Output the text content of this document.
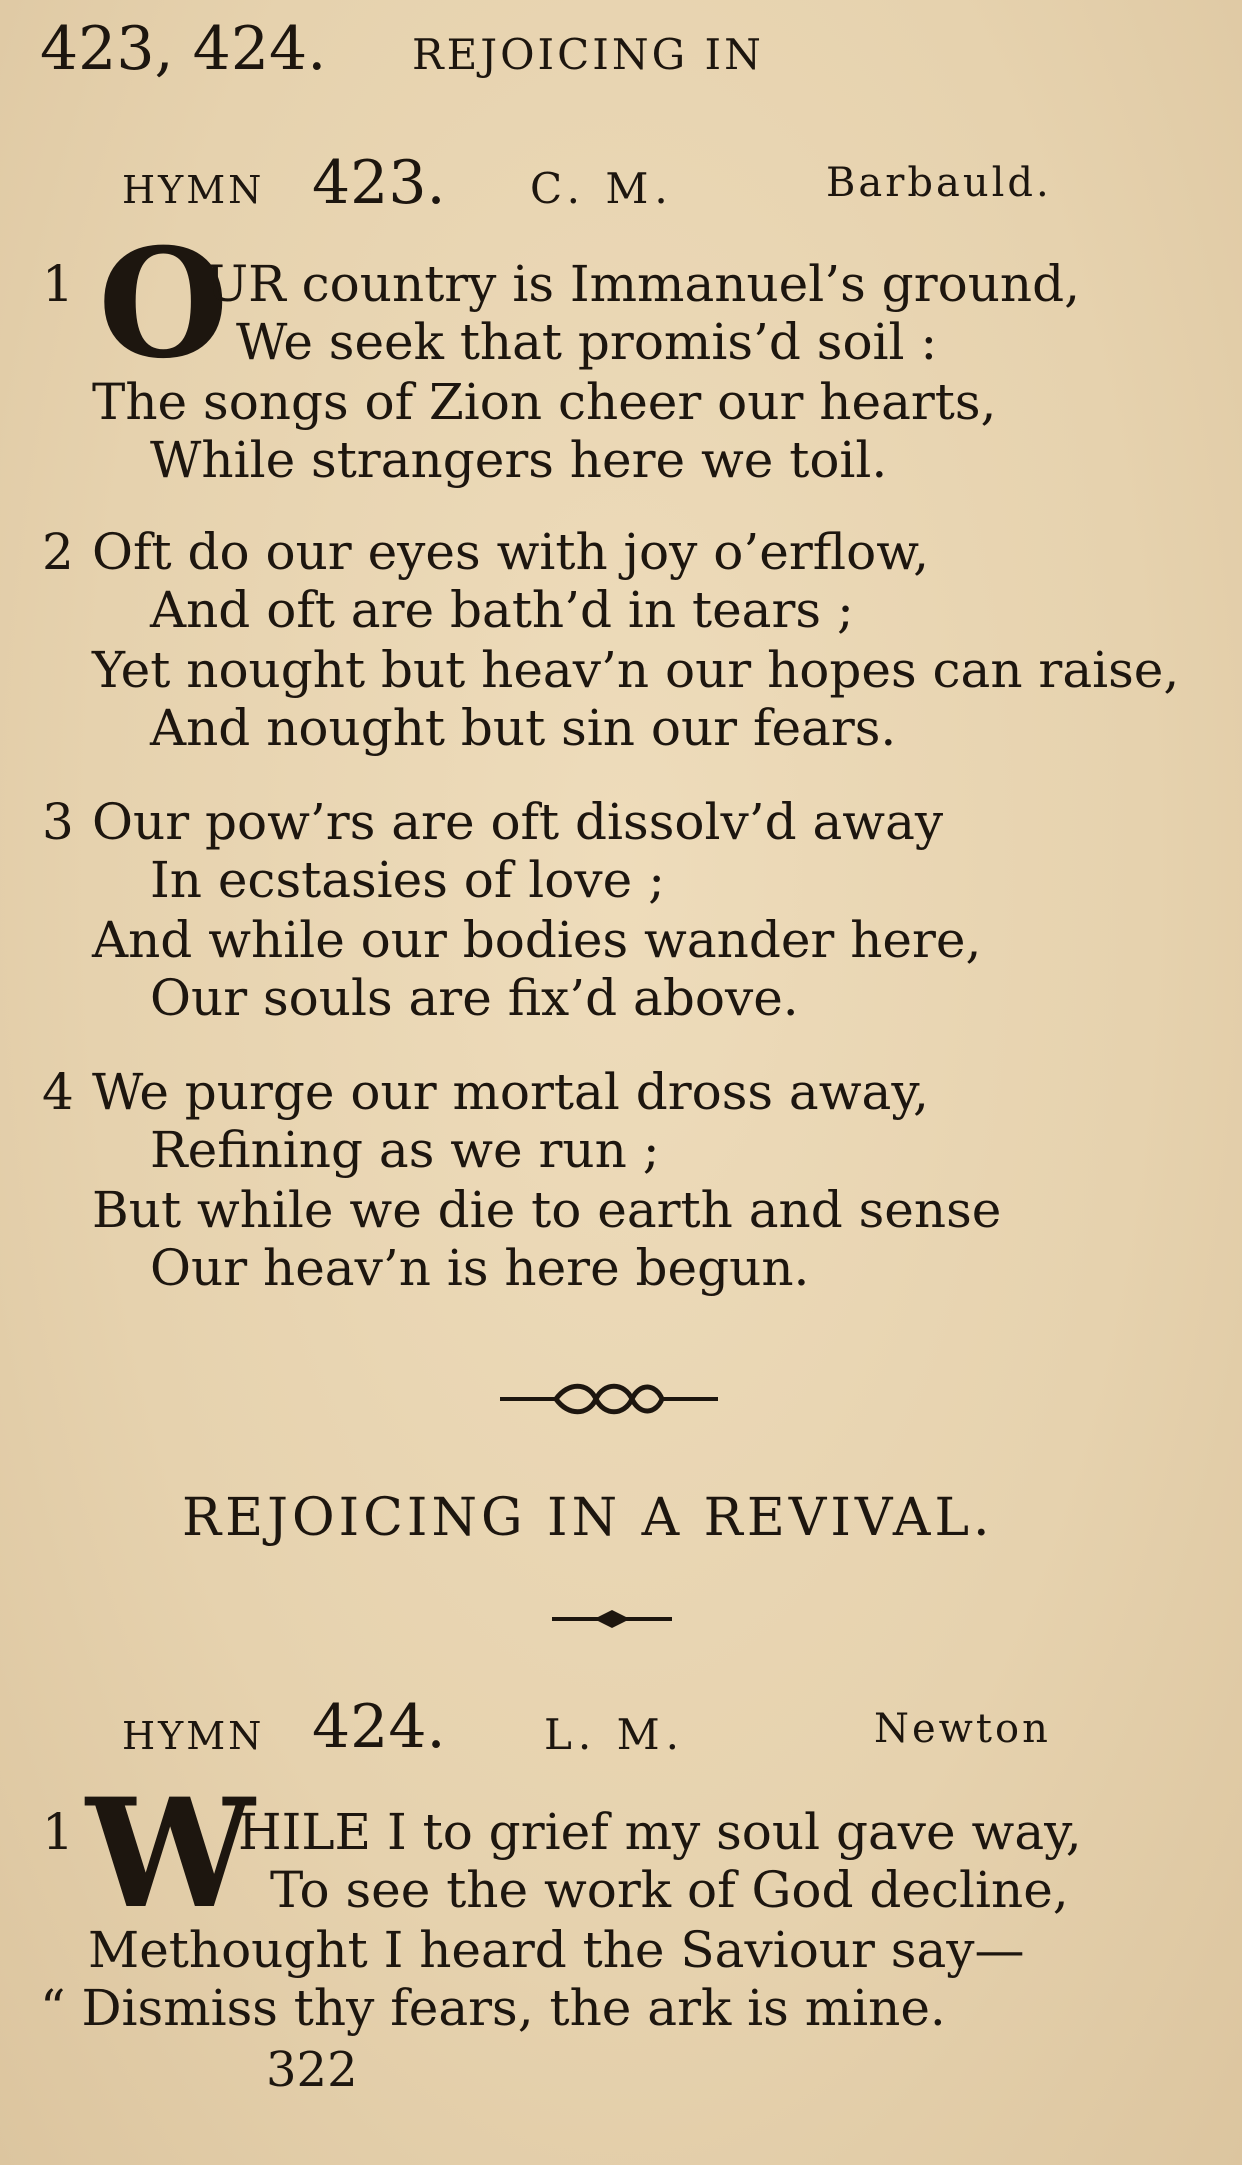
423, 424. REJOICING IN
HYMN 423. C. M.	Barbauld.
1 O
UR country is Immanuel’s ground,
We seek that promis’d soil :
The songs of Zion cheer our hearts,
While strangers here we toil.
2 Oft do our eyes with joy o’erflow,
And oft are bath’d in tears ;
Yet nought but heav’n our hopes can raise,
And nought but sin our fears.
3 Our pow’rs are oft dissolv’d away
In ecstasies of love ;
And while our bodies wander here,
Our souls are fix’d above.
4 We purge our mortal dross away,
Refining as we run ;
But while we die to earth and sense
Our heav’n is here begun.
REJOICING IN A REVIVAL.
HYMN 424. L. M.	Newton
1 W
HILE I to grief my soul gave way,
To see the work of God decline,
Methought I heard the Saviour say—
“ Dismiss thy fears, the ark is mine.
322
